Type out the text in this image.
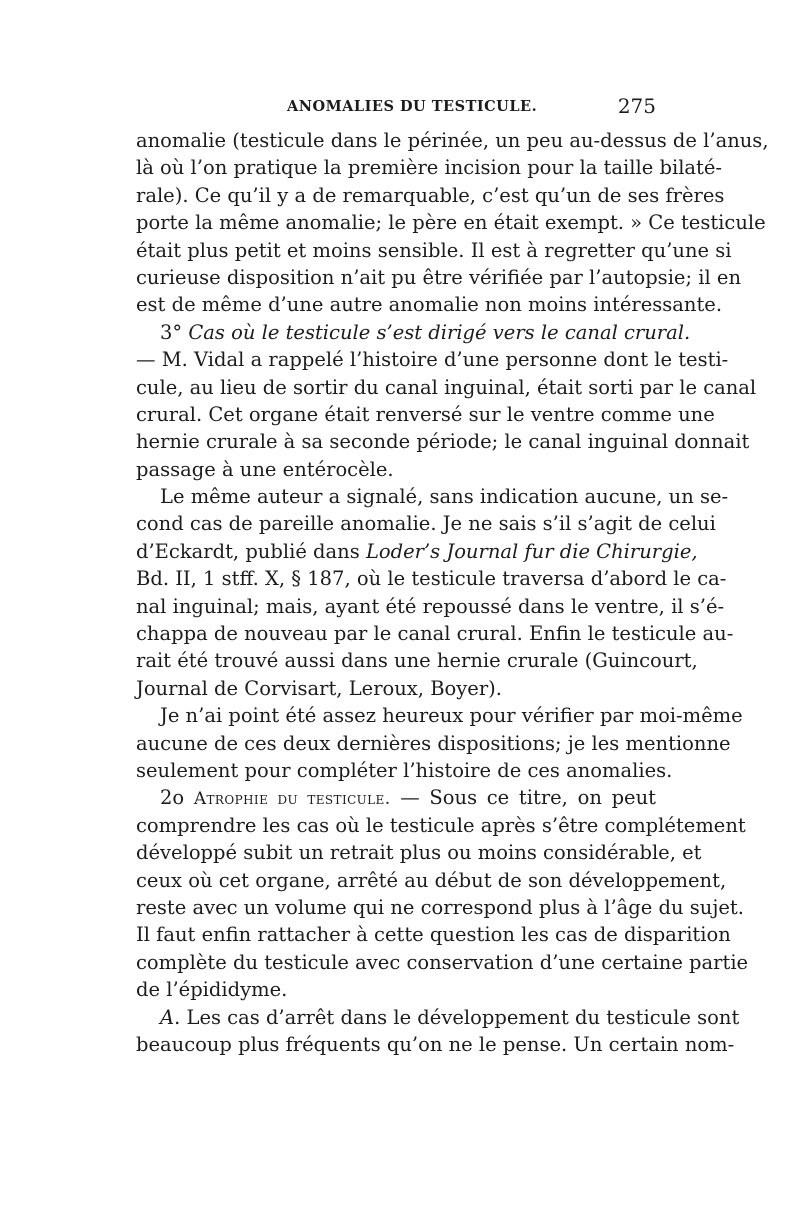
ANOMALIES DU TESTICULE.	275
anomalie (testicule dans le périnée, un peu au-dessus de l’anus,
là où l’on pratique la première incision pour la taille bilaté-
rale). Ce qu’il y a de remarquable, c’est qu’un de ses frères
porte la même anomalie; le père en était exempt. » Ce testicule
était plus petit et moins sensible. Il est à regretter qu’une si
curieuse disposition n’ait pu être vérifiée par l’autopsie; il en
est de même d’une autre anomalie non moins intéressante.
3° Cas où le testicule s’est dirigé vers le canal crural.
— M. Vidal a rappelé l’histoire d’une personne dont le testi-
cule, au lieu de sortir du canal inguinal, était sorti par le canal
crural. Cet organe était renversé sur le ventre comme une
hernie crurale à sa seconde période; le canal inguinal donnait
passage à une entérocèle.
Le même auteur a signalé, sans indication aucune, un se-
cond cas de pareille anomalie. Je ne sais s’il s’agit de celui
d’Eckardt, publié dans Loder’s Journal fur die Chirurgie,
Bd. II, 1 stff. X, § 187, où le testicule traversa d’abord le ca-
nal inguinal; mais, ayant été repoussé dans le ventre, il s’é-
chappa de nouveau par le canal crural. Enfin le testicule au-
rait été trouvé aussi dans une hernie crurale (Guincourt,
Journal de Corvisart, Leroux, Boyer).
Je n’ai point été assez heureux pour vérifier par moi-même
aucune de ces deux dernières dispositions; je les mentionne
seulement pour compléter l’histoire de ces anomalies.
2o Atrophie du testicule. — Sous ce titre, on peut
comprendre les cas où le testicule après s’être complétement
développé subit un retrait plus ou moins considérable, et
ceux où cet organe, arrêté au début de son développement,
reste avec un volume qui ne correspond plus à l’âge du sujet.
Il faut enfin rattacher à cette question les cas de disparition
complète du testicule avec conservation d’une certaine partie
de l’épididyme.
A. Les cas d’arrêt dans le développement du testicule sont
beaucoup plus fréquents qu’on ne le pense. Un certain nom-
